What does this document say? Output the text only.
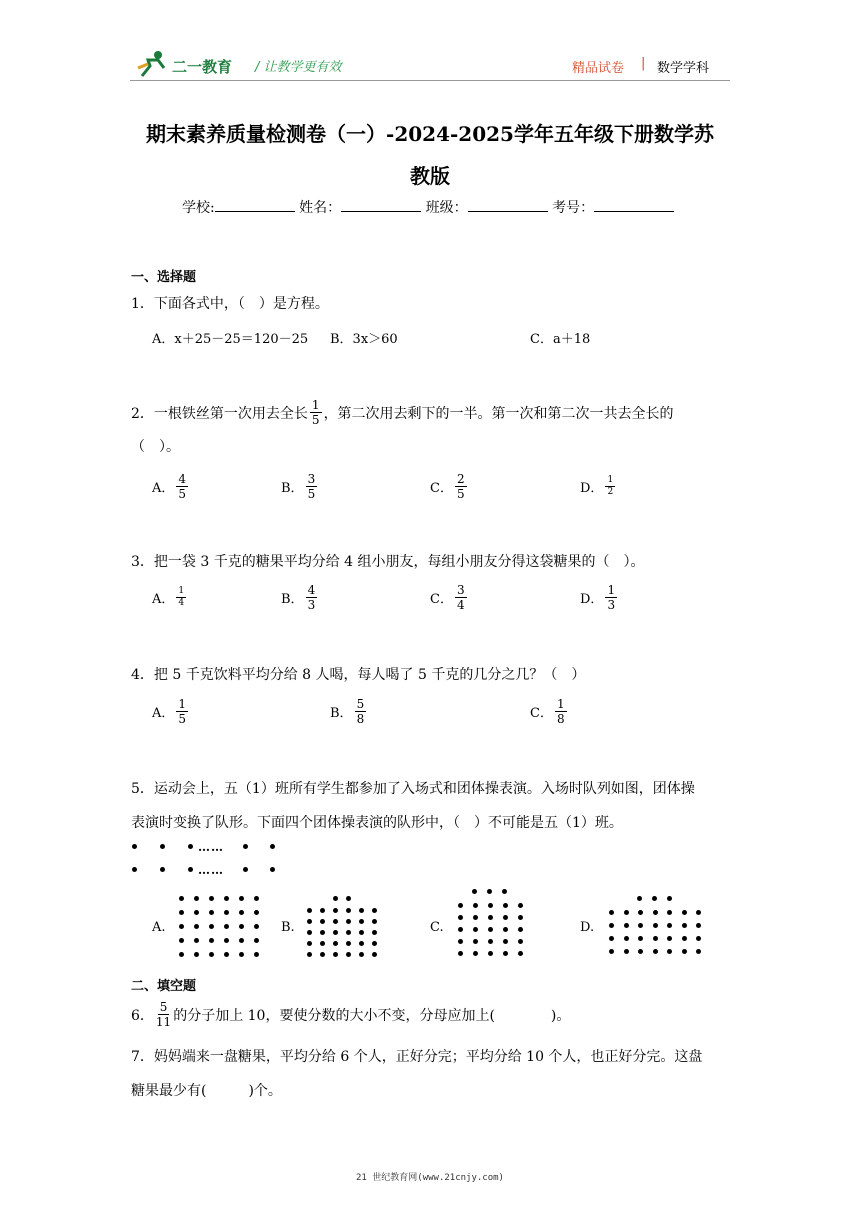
二一教育 / 让教学更有效	精品试卷 | 数学学科
期末素养质量检测卷（一）-2024-2025学年五年级下册数学苏
教版
学校:	姓名：	班级：	考号：
一、选择题
1．下面各式中，（　）是方程。
A．x＋25－25＝120－25 B．3x＞60	C．a＋18
2．一根铁丝第一次用去全长 $\frac{1}{5}$ ，第二次用去剩下的一半。第一次和第二次一共去全长的
（　）。
A． $\frac{4}{5}$	B． $\frac{3}{5}$	C． $\frac{2}{5}$	D． $\frac{1}{2}$
3．把一袋 3 千克的糖果平均分给 4 组小朋友，每组小朋友分得这袋糖果的（　）。
A． $\frac{1}{4}$	B． $\frac{4}{3}$	C． $\frac{3}{4}$	D． $\frac{1}{3}$
4．把 5 千克饮料平均分给 8 人喝，每人喝了 5 千克的几分之几？（　）
A． $\frac{1}{5}$	B． $\frac{5}{8}$	C． $\frac{1}{8}$
5．运动会上，五（1）班所有学生都参加了入场式和团体操表演。入场时队列如图，团体操
表演时变换了队形。下面四个团体操表演的队形中，（　）不可能是五（1）班。
……
……
A.	B.	C.	D.
二、填空题
6． $\frac{5}{11}$ 的分子加上 10，要使分数的大小不变，分母应加上(　　　　)。
7．妈妈端来一盘糖果，平均分给 6 个人，正好分完；平均分给 10 个人，也正好分完。这盘
糖果最少有(　　　)个。
21 世纪教育网(www.21cnjy.com)
